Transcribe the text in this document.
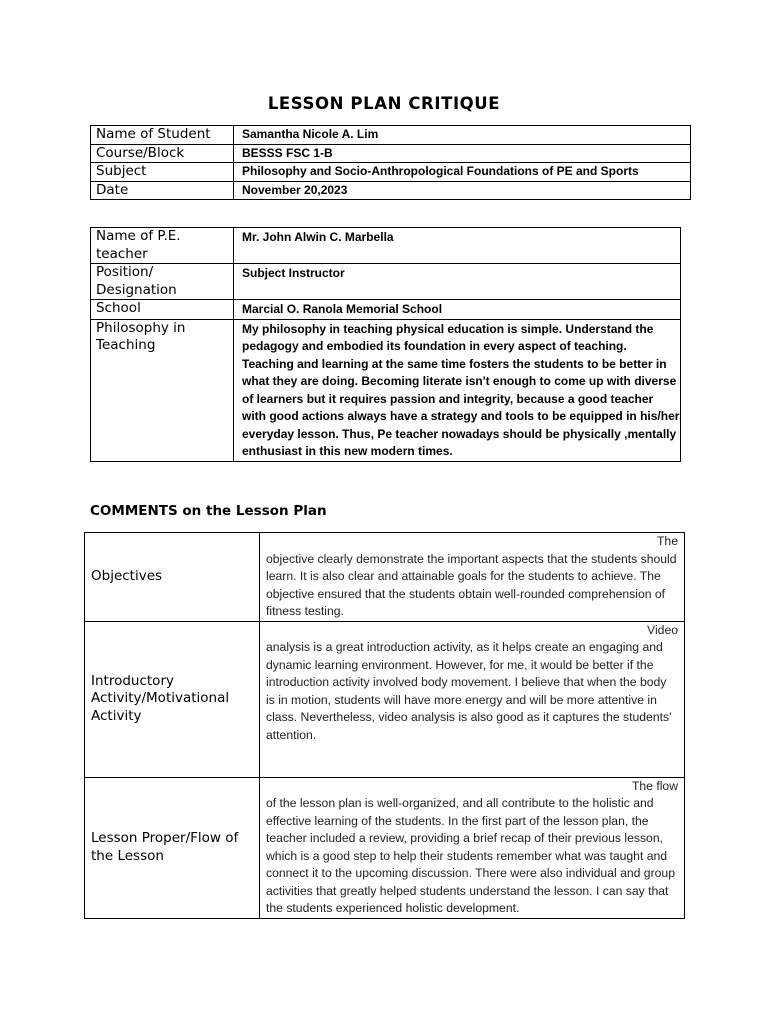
LESSON PLAN CRITIQUE
Name of Student	Samantha Nicole A. Lim
Course/Block	BESSS FSC 1-B
Subject	Philosophy and Socio-Anthropological Foundations of PE and Sports
Date	November 20,2023
Name of P.E. teacher	Mr. John Alwin C. Marbella
Position/ Designation	Subject Instructor
School	Marcial O. Ranola Memorial School
Philosophy in Teaching	My philosophy in teaching physical education is simple. Understand the pedagogy and embodied its foundation in every aspect of teaching. Teaching and learning at the same time fosters the students to be better in what they are doing. Becoming literate isn't enough to come up with diverse of learners but it requires passion and integrity, because a good teacher with good actions always have a strategy and tools to be equipped in his/her everyday lesson. Thus, Pe teacher nowadays should be physically ,mentally enthusiast in this new modern times.
COMMENTS on the Lesson Plan
Objectives	The
objective clearly demonstrate the important aspects that the students should learn. It is also clear and attainable goals for the students to achieve. The objective ensured that the students obtain well-rounded comprehension of fitness testing.
Introductory Activity/Motivational Activity	Video
analysis is a great introduction activity, as it helps create an engaging and dynamic learning environment. However, for me, it would be better if the introduction activity involved body movement. I believe that when the body is in motion, students will have more energy and will be more attentive in class. Nevertheless, video analysis is also good as it captures the students' attention.
Lesson Proper/Flow of the Lesson	The flow
of the lesson plan is well-organized, and all contribute to the holistic and effective learning of the students. In the first part of the lesson plan, the teacher included a review, providing a brief recap of their previous lesson, which is a good step to help their students remember what was taught and connect it to the upcoming discussion. There were also individual and group activities that greatly helped students understand the lesson. I can say that the students experienced holistic development.
